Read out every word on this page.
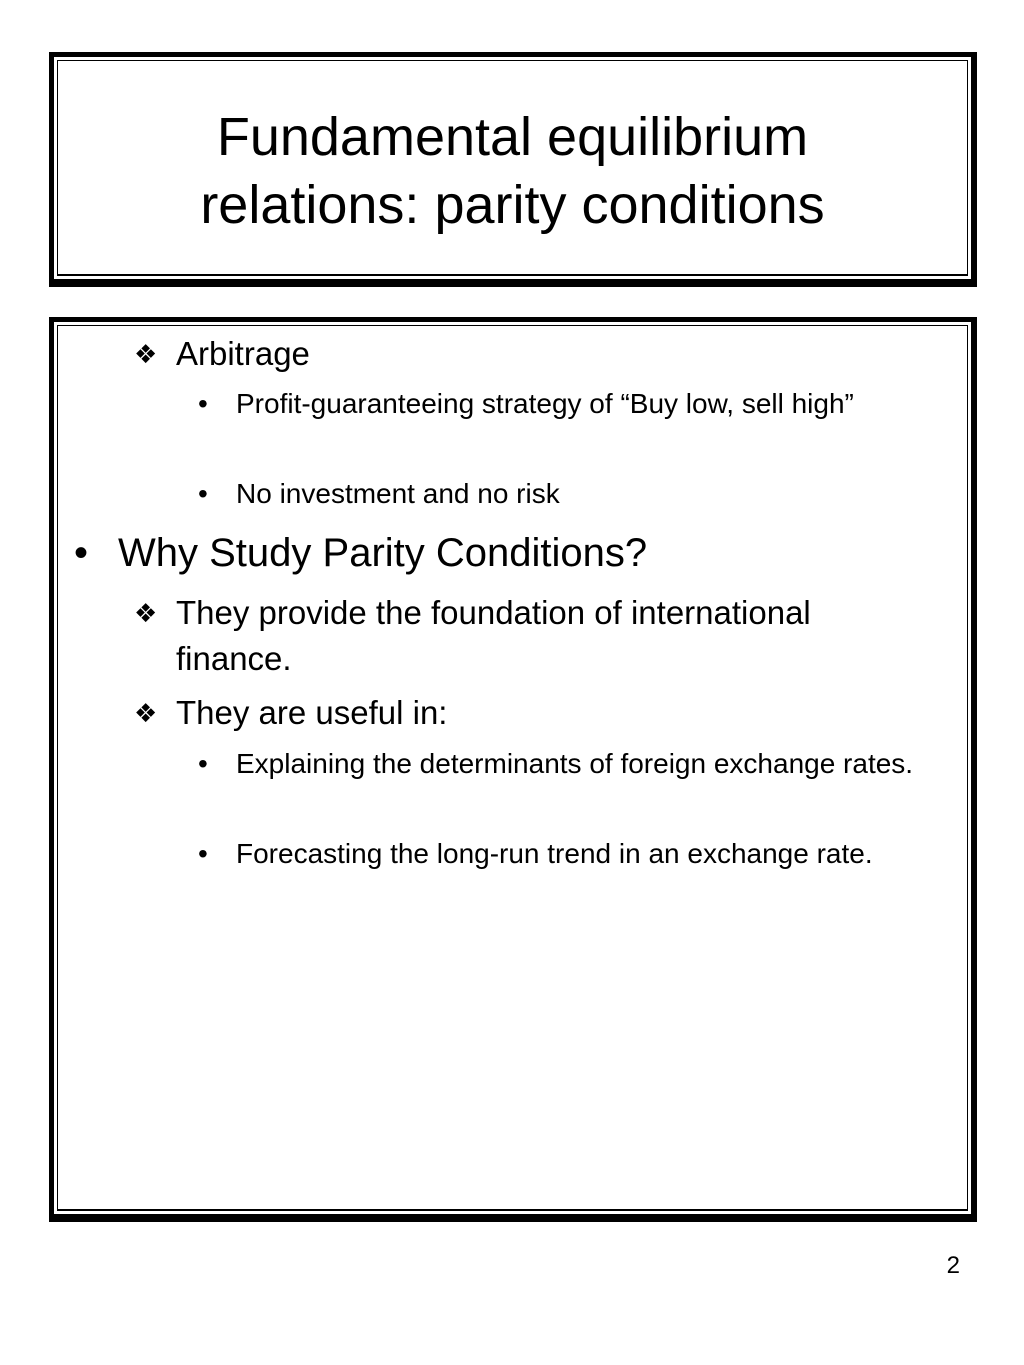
Fundamental equilibrium
relations: parity conditions
❖ Arbitrage
•	Profit-guaranteeing strategy of “Buy low, sell high”
•	No investment and no risk
• Why Study Parity Conditions?
❖ They provide the foundation of international finance.
❖ They are useful in:
•	Explaining the determinants of foreign exchange rates.
•	Forecasting the long-run trend in an exchange rate.
2
